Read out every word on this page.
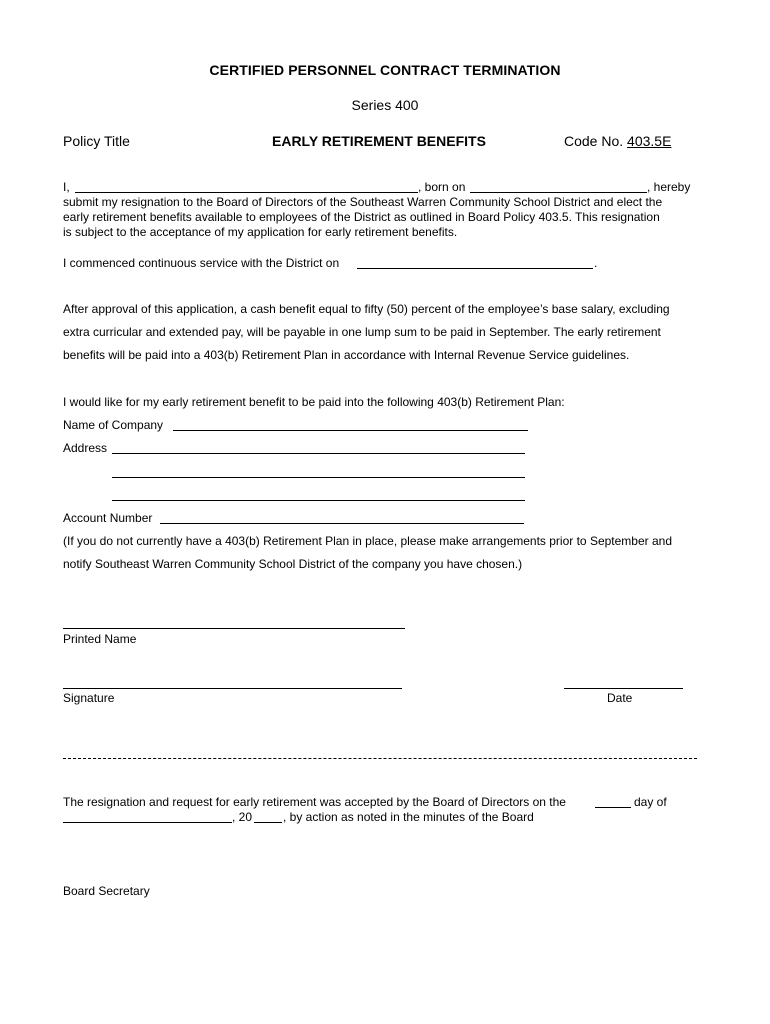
CERTIFIED PERSONNEL CONTRACT TERMINATION
Series 400
Policy Title	EARLY RETIREMENT BENEFITS	Code No. 403.5E
I,	, born on	, hereby
submit my resignation to the Board of Directors of the Southeast Warren Community School District and elect the
early retirement benefits available to employees of the District as outlined in Board Policy 403.5. This resignation
is subject to the acceptance of my application for early retirement benefits.
I commenced continuous service with the District on	.
After approval of this application, a cash benefit equal to fifty (50) percent of the employee’s base salary, excluding
extra curricular and extended pay, will be payable in one lump sum to be paid in September. The early retirement
benefits will be paid into a 403(b) Retirement Plan in accordance with Internal Revenue Service guidelines.
I would like for my early retirement benefit to be paid into the following 403(b) Retirement Plan:
Name of Company
Address
Account Number
(If you do not currently have a 403(b) Retirement Plan in place, please make arrangements prior to September and
notify Southeast Warren Community School District of the company you have chosen.)
Printed Name
Signature	Date
The resignation and request for early retirement was accepted by the Board of Directors on the	day of
, 20	, by action as noted in the minutes of the Board
Board Secretary
